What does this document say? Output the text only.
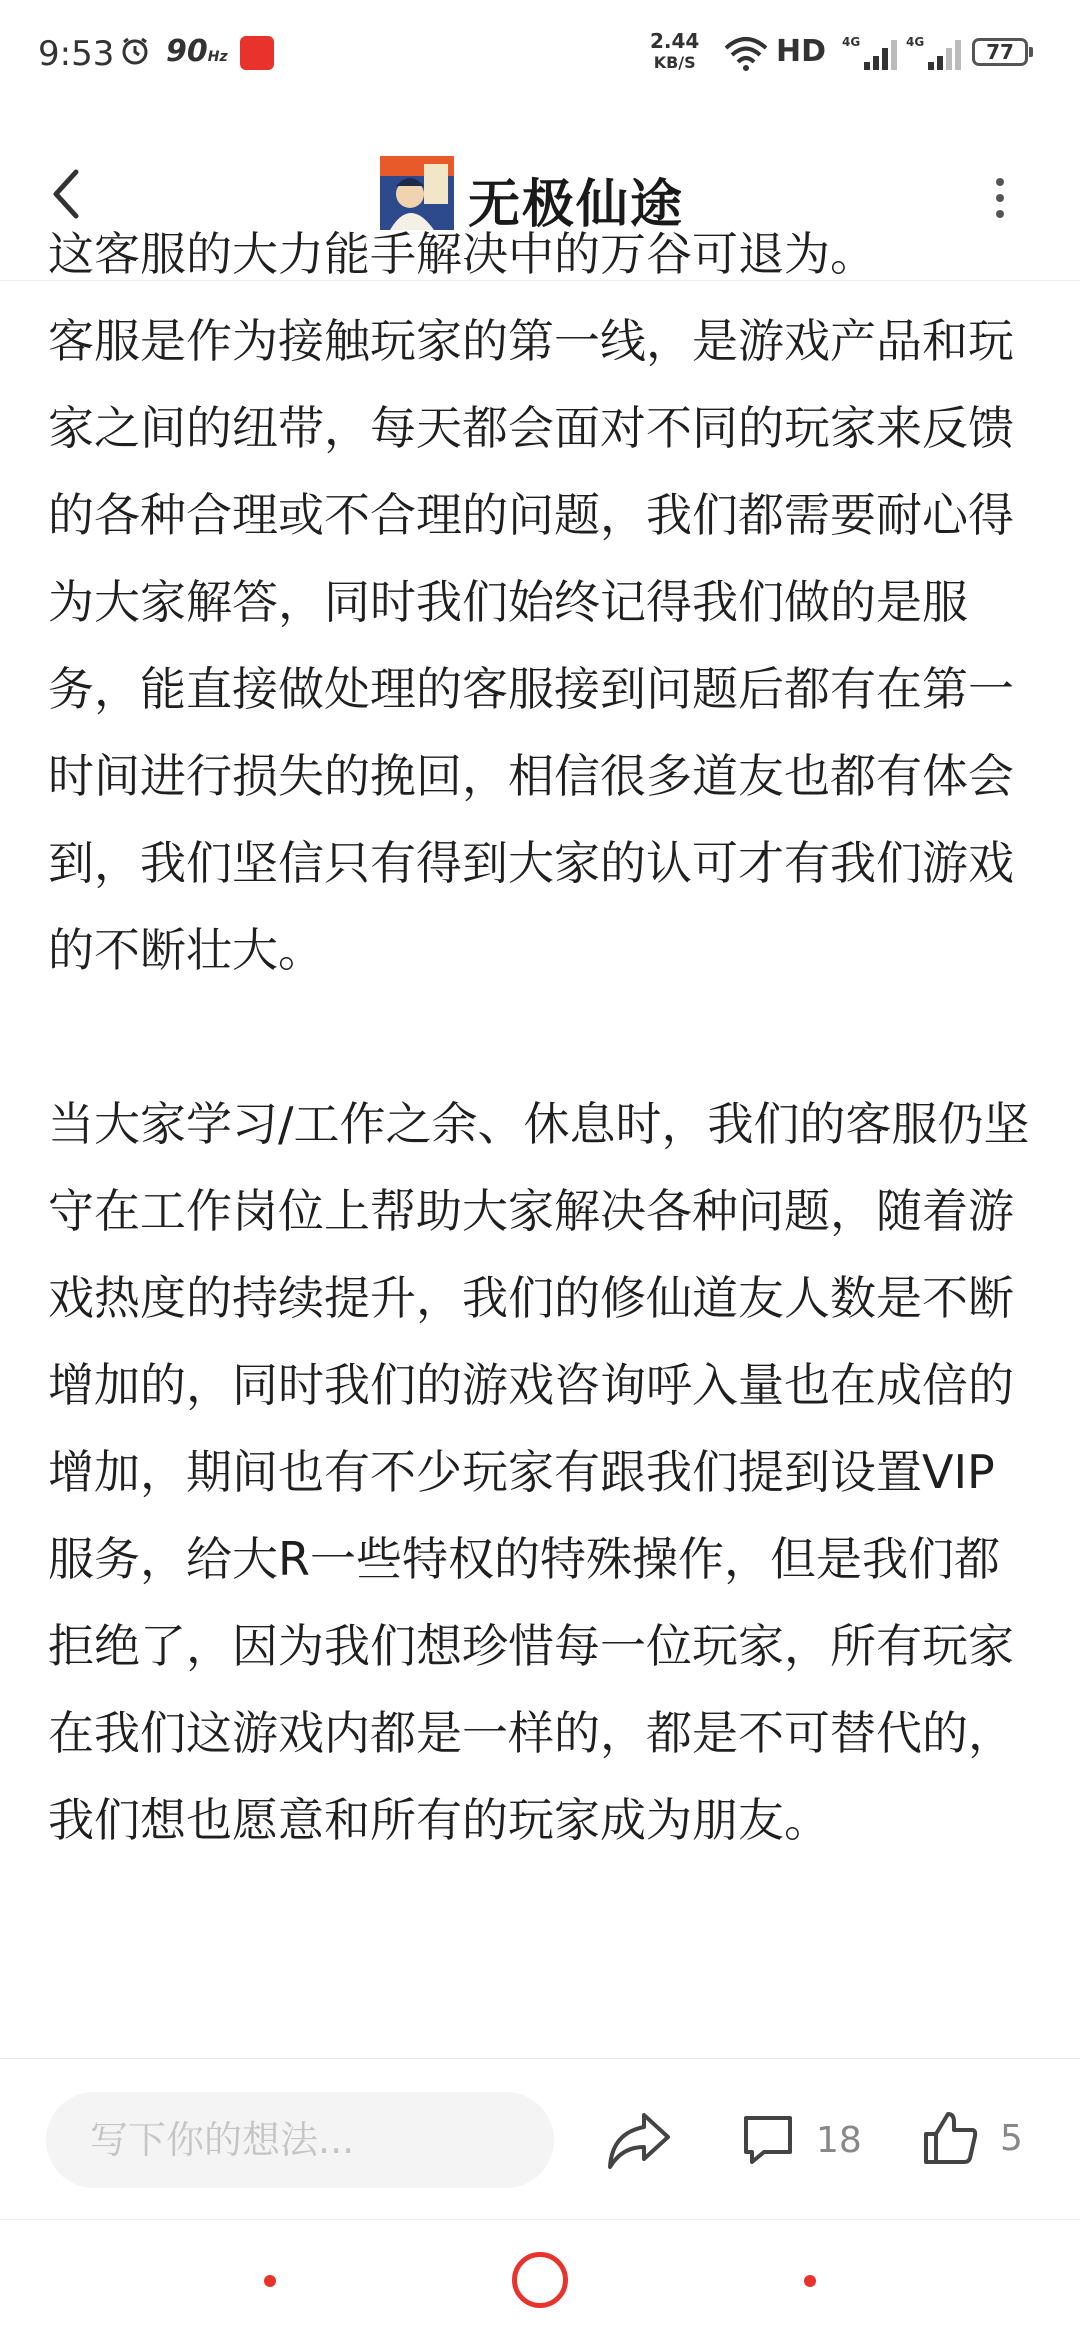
9:53 90Hz
2.44
KB/S	HD 4G	4G	77
无极仙途

这客服的大力能手解决中的万谷可退为。

客服是作为接触玩家的第一线，是游戏产品和玩家之间的纽带，每天都会面对不同的玩家来反馈的各种合理或不合理的问题，我们都需要耐心得为大家解答，同时我们始终记得我们做的是服务，能直接做处理的客服接到问题后都有在第一时间进行损失的挽回，相信很多道友也都有体会到，我们坚信只有得到大家的认可才有我们游戏的不断壮大。

当大家学习/工作之余、休息时，我们的客服仍坚守在工作岗位上帮助大家解决各种问题，随着游戏热度的持续提升，我们的修仙道友人数是不断增加的，同时我们的游戏咨询呼入量也在成倍的增加，期间也有不少玩家有跟我们提到设置VIP服务，给大R一些特权的特殊操作，但是我们都拒绝了，因为我们想珍惜每一位玩家，所有玩家在我们这游戏内都是一样的，都是不可替代的，我们想也愿意和所有的玩家成为朋友。

写下你的想法...
18	5
